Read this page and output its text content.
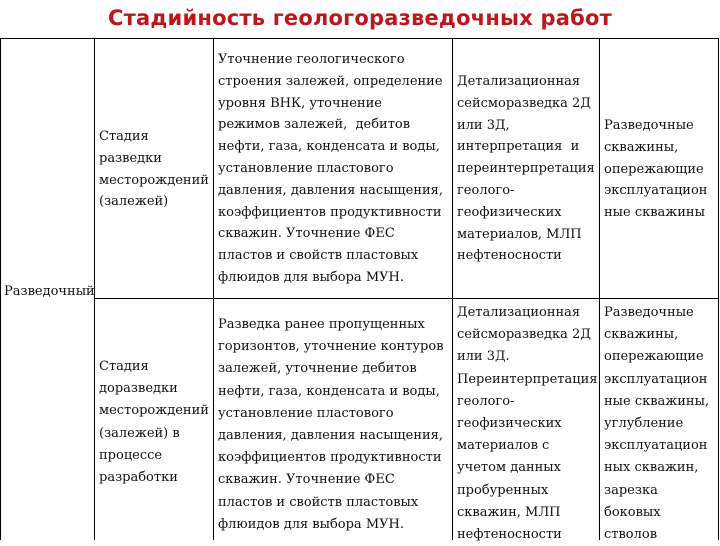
Стадийность геологоразведочных работ
Разведочный
Стадия
разведки
месторождений
(залежей)
Уточнение геологического
строения залежей, определение
уровня ВНК, уточнение
режимов залежей,  дебитов
нефти, газа, конденсата и воды,
установление пластового
давления, давления насыщения,
коэффициентов продуктивности
скважин. Уточнение ФЕС
пластов и свойств пластовых
флюидов для выбора МУН.
Детализационная
сейсморазведка 2Д
или 3Д,
интерпретация  и
переинтерпретация
геолого-
геофизических
материалов, МЛП
нефтеносности
Разведочные
скважины,
опережающие
эксплуатацион
ные скважины
Стадия
доразведки
месторождений
(залежей) в
процессе
разработки
Разведка ранее пропущенных
горизонтов, уточнение контуров
залежей, уточнение дебитов
нефти, газа, конденсата и воды,
установление пластового
давления, давления насыщения,
коэффициентов продуктивности
скважин. Уточнение ФЕС
пластов и свойств пластовых
флюидов для выбора МУН.
Детализационная
сейсморазведка 2Д
или 3Д.
Переинтерпретация
геолого-
геофизических
материалов с
учетом данных
пробуренных
скважин, МЛП
нефтеносности
Разведочные
скважины,
опережающие
эксплуатацион
ные скважины,
углубление
эксплуатацион
ных скважин,
зарезка
боковых
стволов
